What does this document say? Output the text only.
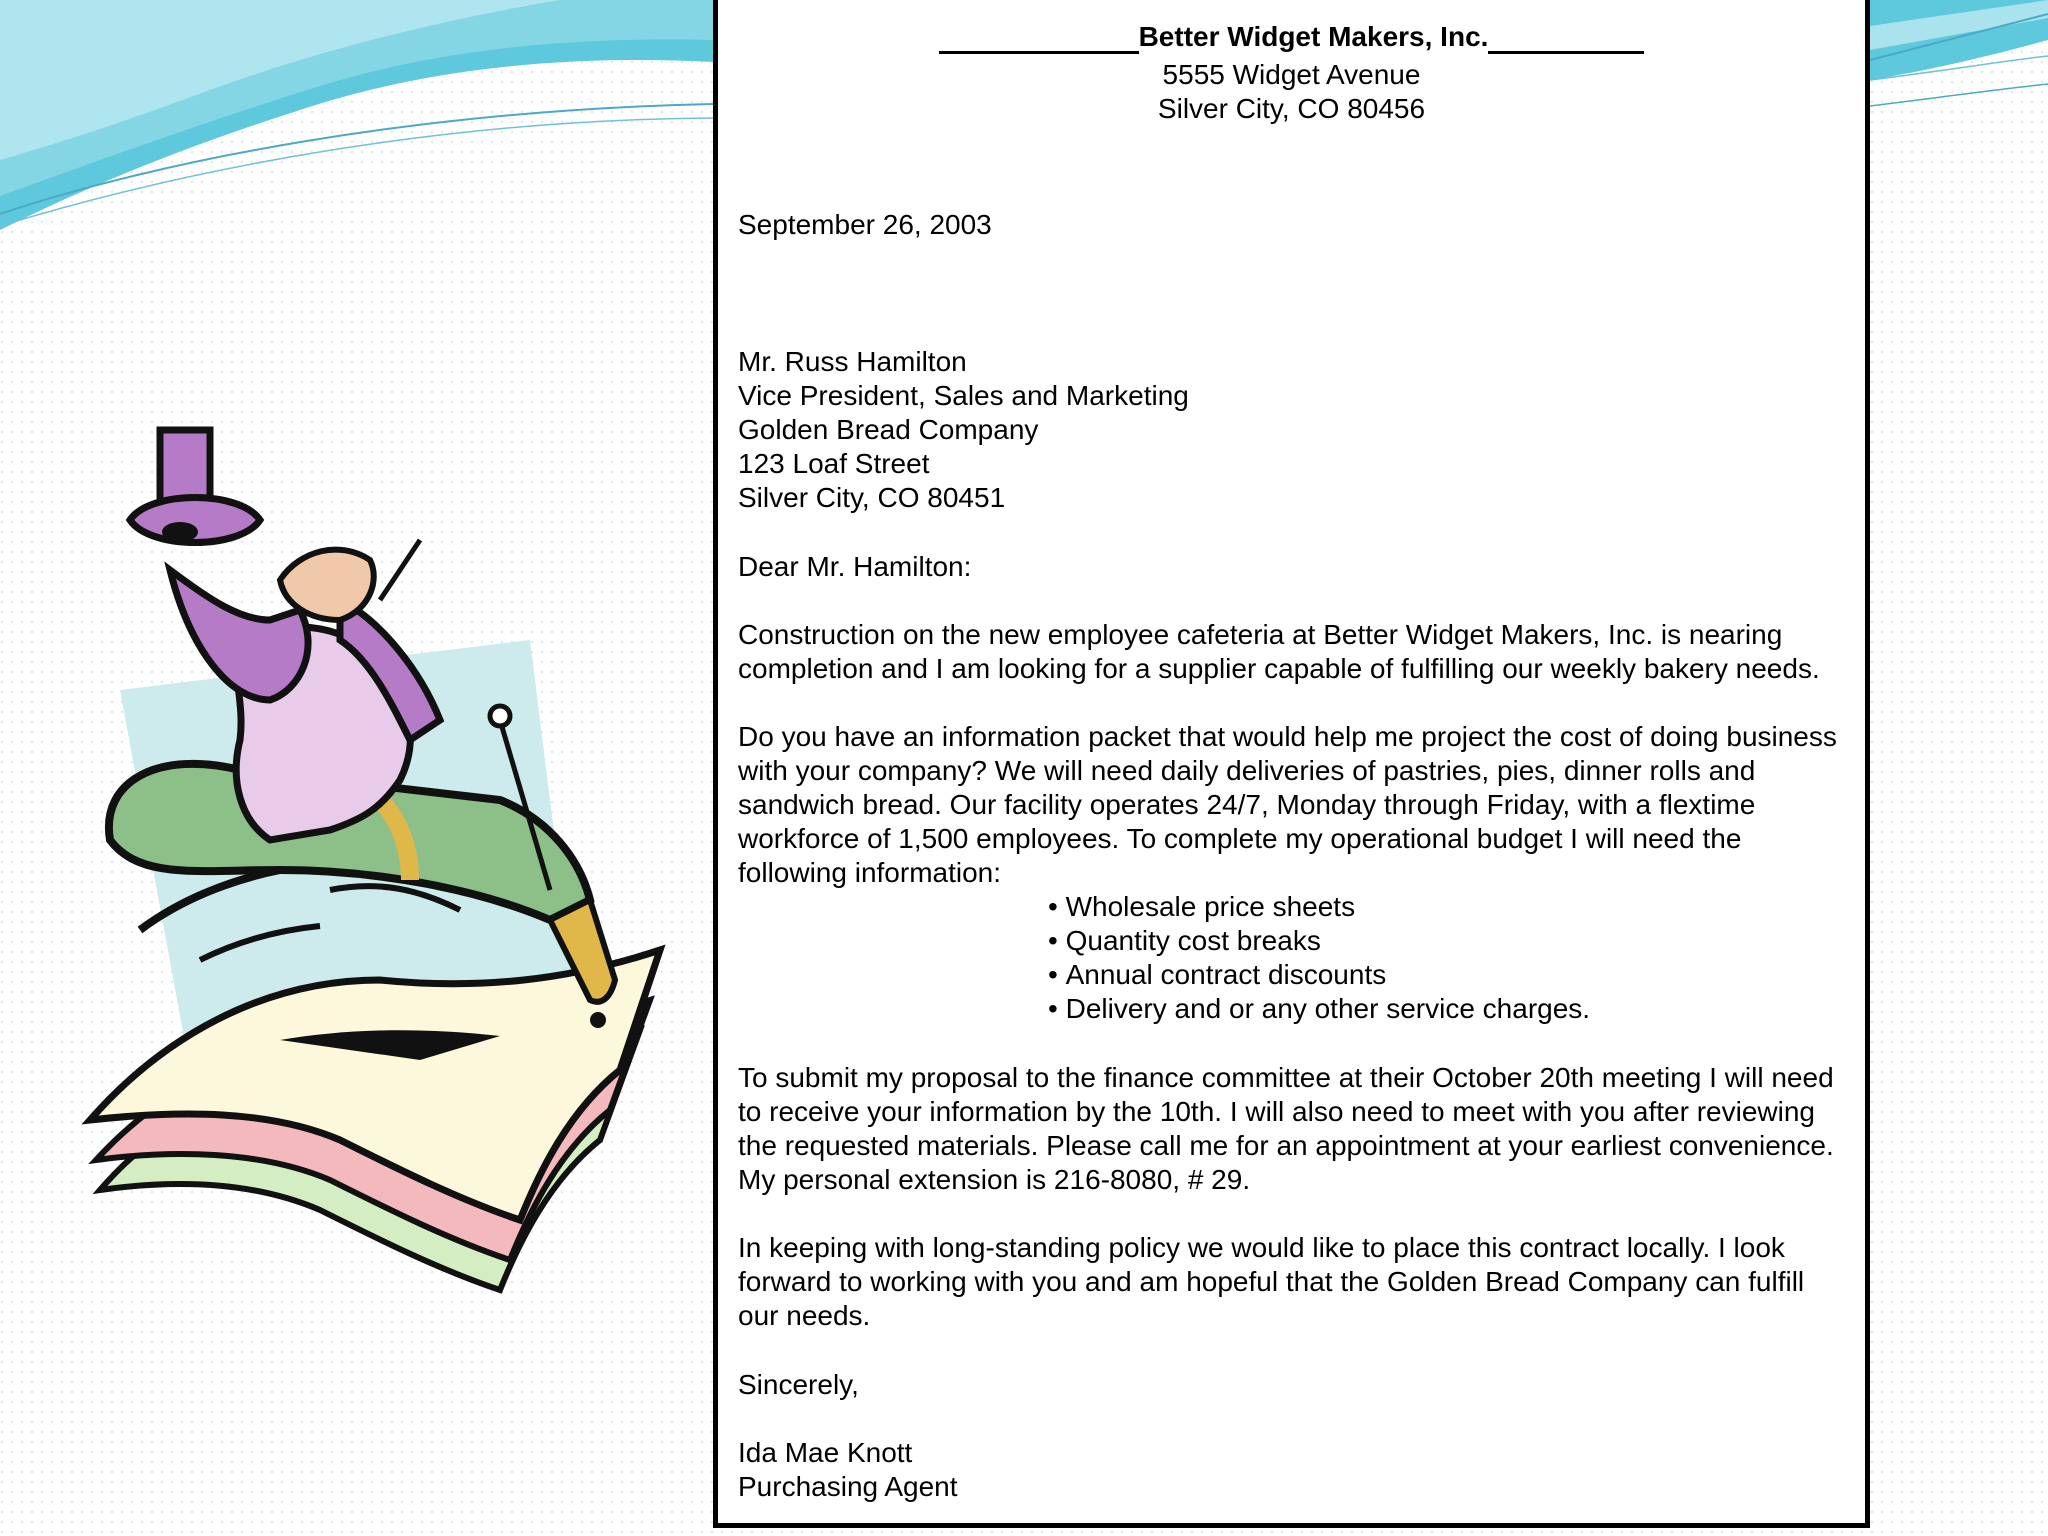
Better Widget Makers, Inc.
5555 Widget Avenue
Silver City, CO 80456
September 26, 2003
Mr. Russ Hamilton
Vice President, Sales and Marketing
Golden Bread Company
123 Loaf Street
Silver City, CO 80451
Dear Mr. Hamilton:
Construction on the new employee cafeteria at Better Widget Makers, Inc. is nearing
completion and I am looking for a supplier capable of fulfilling our weekly bakery needs.
Do you have an information packet that would help me project the cost of doing business
with your company? We will need daily deliveries of pastries, pies, dinner rolls and
sandwich bread. Our facility operates 24/7, Monday through Friday, with a flextime
workforce of 1,500 employees. To complete my operational budget I will need the
following information:
• Wholesale price sheets
• Quantity cost breaks
• Annual contract discounts
• Delivery and or any other service charges.
To submit my proposal to the finance committee at their October 20th meeting I will need
to receive your information by the 10th. I will also need to meet with you after reviewing
the requested materials. Please call me for an appointment at your earliest convenience.
My personal extension is 216-8080, # 29.
In keeping with long-standing policy we would like to place this contract locally. I look
forward to working with you and am hopeful that the Golden Bread Company can fulfill
our needs.
Sincerely,
Ida Mae Knott
Purchasing Agent
